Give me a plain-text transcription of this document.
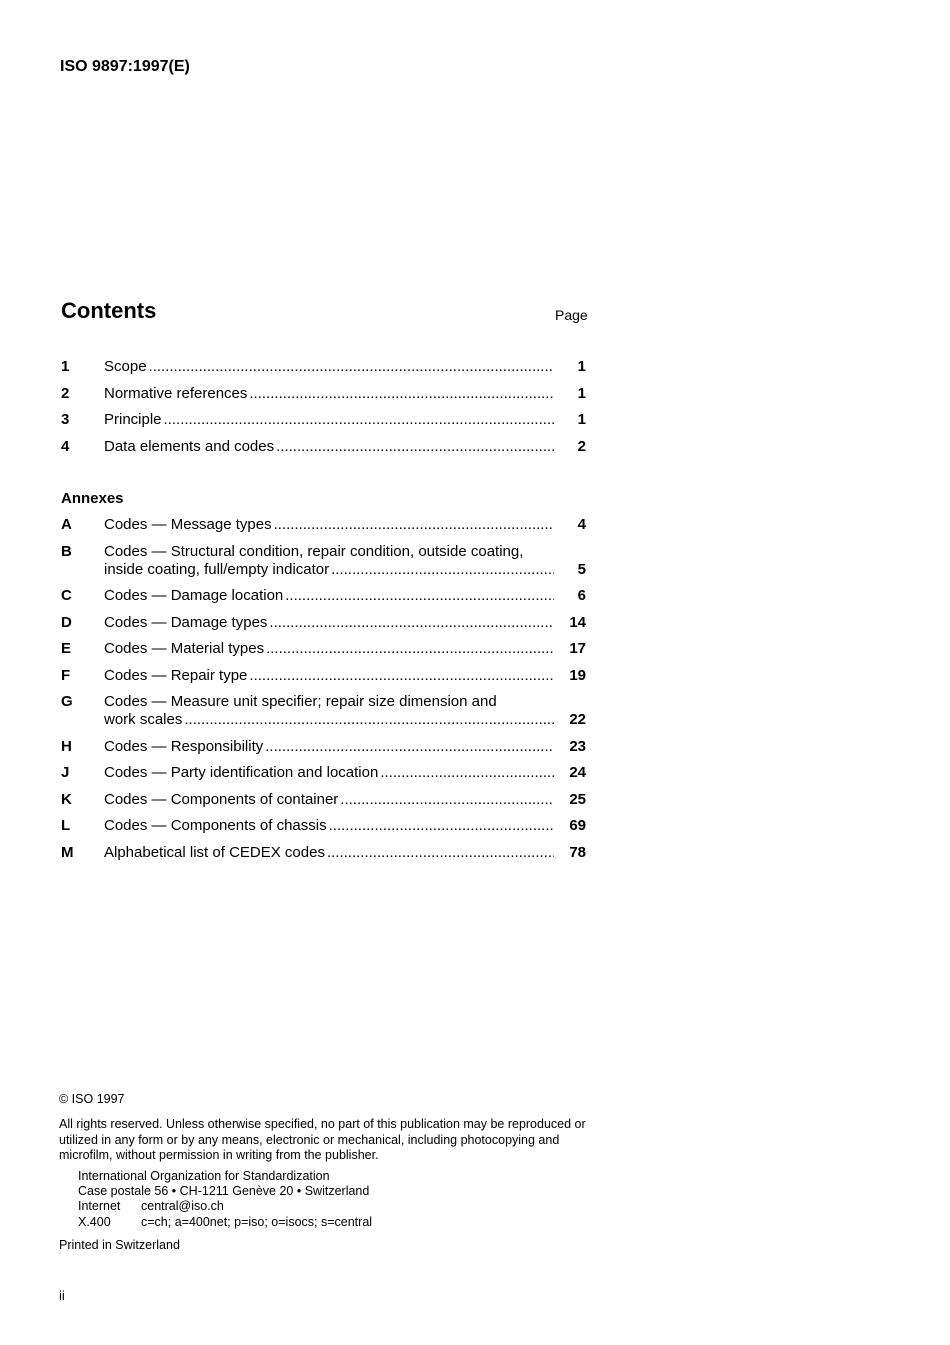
ISO 9897:1997(E)
Contents	Page
1 Scope .....	1
2 Normative references .....	1
3 Principle .....	1
4 Data elements and codes .....	2
Annexes
A Codes — Message types .....	4
B Codes — Structural condition, repair condition, outside coating,
inside coating, full/empty indicator .....	5
C Codes — Damage location .....	6
D Codes — Damage types .....	14
E Codes — Material types .....	17
F Codes — Repair type .....	19
G Codes — Measure unit specifier; repair size dimension and
work scales .....	22
H Codes — Responsibility .....	23
J Codes — Party identification and location .....	24
K Codes — Components of container .....	25
L Codes — Components of chassis .....	69
M Alphabetical list of CEDEX codes .....	78
© ISO 1997
All rights reserved. Unless otherwise specified, no part of this publication may be reproduced or utilized in any form or by any means, electronic or mechanical, including photocopying and microfilm, without permission in writing from the publisher.
International Organization for Standardization
Case postale 56 • CH-1211 Genève 20 • Switzerland
Internet	central@iso.ch
X.400	c=ch; a=400net; p=iso; o=isocs; s=central
Printed in Switzerland
ii
